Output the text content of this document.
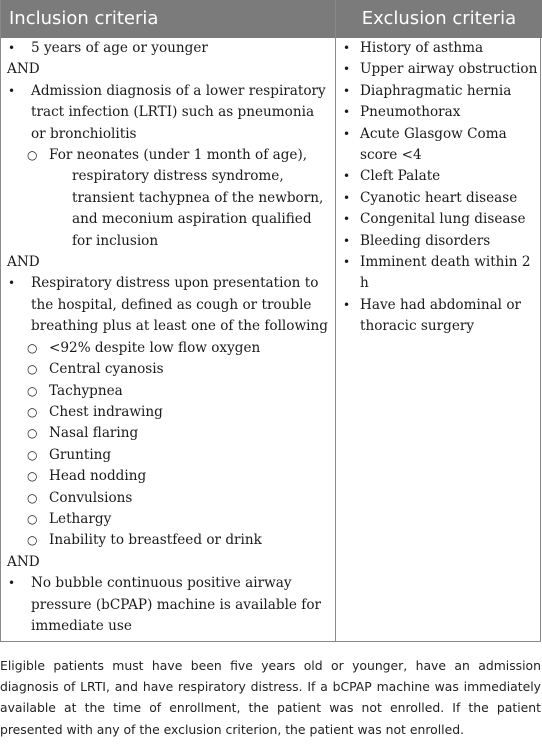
Inclusion criteria	Exclusion criteria
• 5 years of age or younger
AND
• Admission diagnosis of a lower respiratory tract infection (LRTI) such as pneumonia or bronchiolitis
○ For neonates (under 1 month of age), respiratory distress syndrome, transient tachypnea of the newborn, and meconium aspiration qualified for inclusion
AND
• Respiratory distress upon presentation to the hospital, defined as cough or trouble breathing plus at least one of the following
○ <92% despite low flow oxygen
○ Central cyanosis
○ Tachypnea
○ Chest indrawing
○ Nasal flaring
○ Grunting
○ Head nodding
○ Convulsions
○ Lethargy
○ Inability to breastfeed or drink
AND
• No bubble continuous positive airway pressure (bCPAP) machine is available for immediate use
• History of asthma
• Upper airway obstruction
• Diaphragmatic hernia
• Pneumothorax
• Acute Glasgow Coma score <4
• Cleft Palate
• Cyanotic heart disease
• Congenital lung disease
• Bleeding disorders
• Imminent death within 2 h
• Have had abdominal or thoracic surgery
Eligible patients must have been five years old or younger, have an admission diagnosis of LRTI, and have respiratory distress. If a bCPAP machine was immediately available at the time of enrollment, the patient was not enrolled. If the patient presented with any of the exclusion criterion, the patient was not enrolled.
